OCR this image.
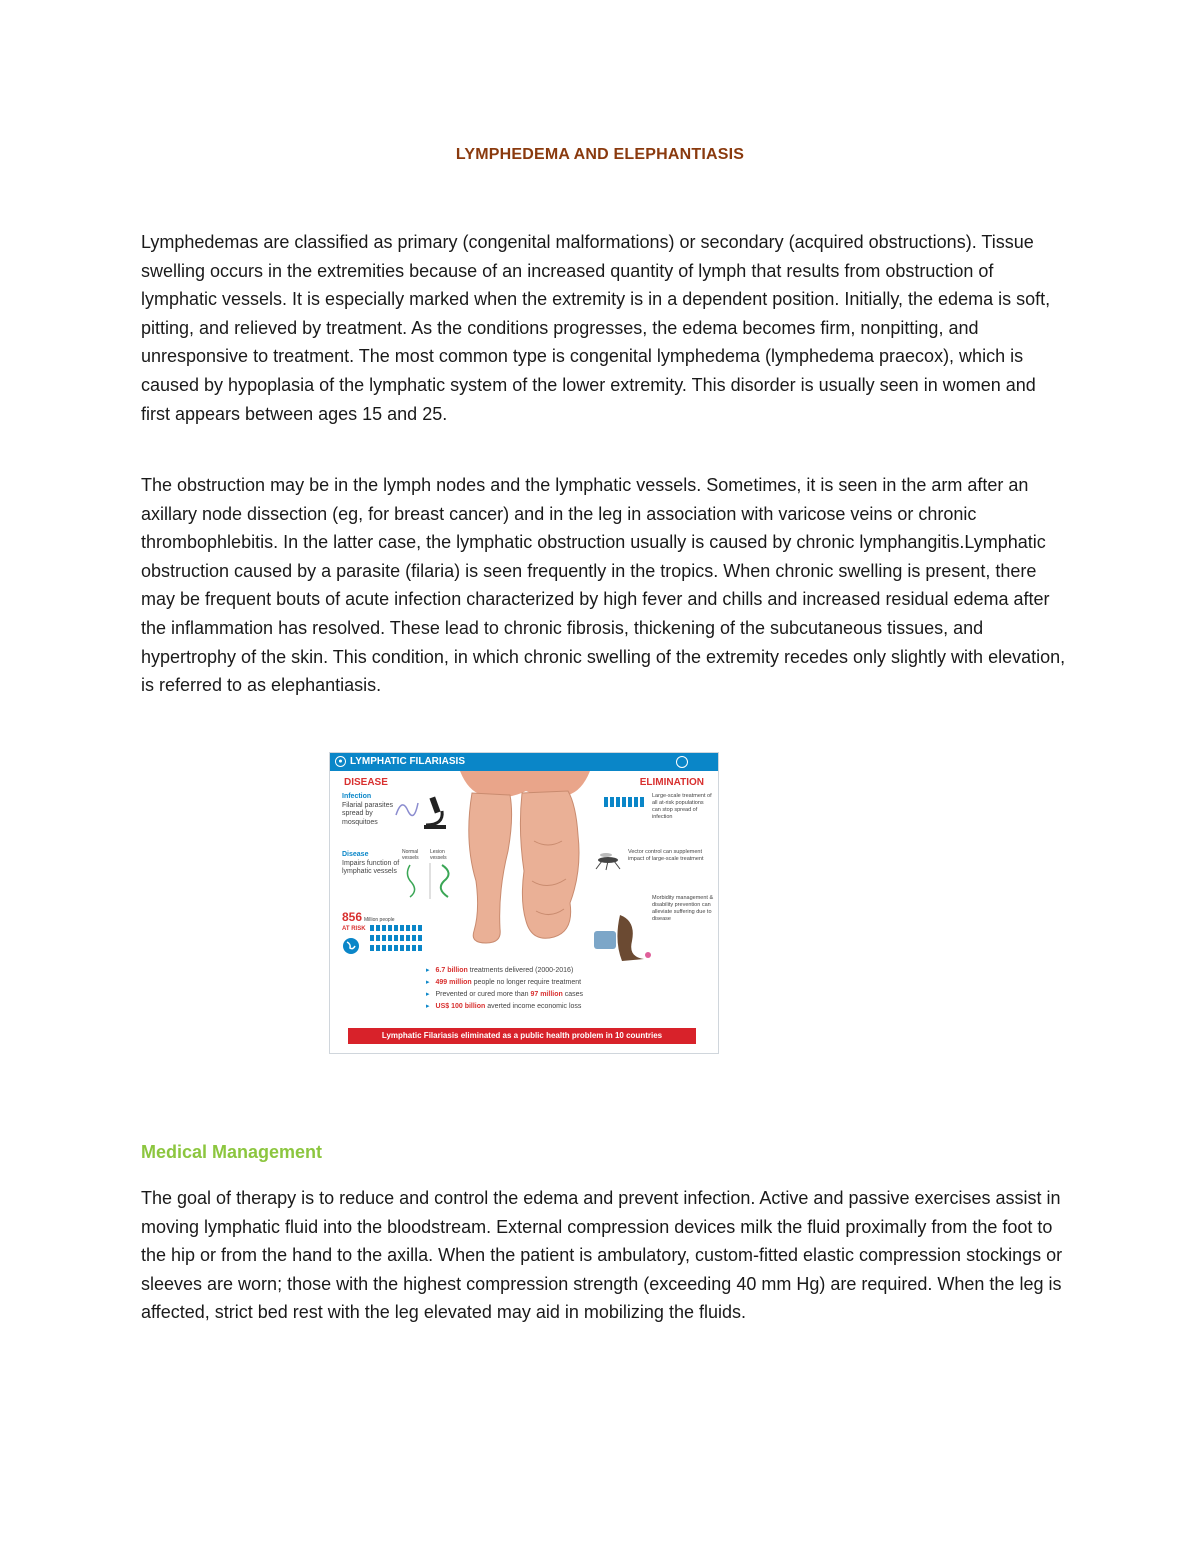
LYMPHEDEMA AND ELEPHANTIASIS

Lymphedemas are classified as primary (congenital malformations) or secondary (acquired obstructions). Tissue swelling occurs in the extremities because of an increased quantity of lymph that results from obstruction of lymphatic vessels. It is especially marked when the extremity is in a dependent position. Initially, the edema is soft, pitting, and relieved by treatment. As the conditions progresses, the edema becomes firm, nonpitting, and unresponsive to treatment. The most common type is congenital lymphedema (lymphedema praecox), which is caused by hypoplasia of the lymphatic system of the lower extremity. This disorder is usually seen in women and first appears between ages 15 and 25.

The obstruction may be in the lymph nodes and the lymphatic vessels. Sometimes, it is seen in the arm after an axillary node dissection (eg, for breast cancer) and in the leg in association with varicose veins or chronic thrombophlebitis. In the latter case, the lymphatic obstruction usually is caused by chronic lymphangitis.Lymphatic obstruction caused by a parasite (filaria) is seen frequently in the tropics. When chronic swelling is present, there may be frequent bouts of acute infection characterized by high fever and chills and increased residual edema after the inflammation has resolved. These lead to chronic fibrosis, thickening of the subcutaneous tissues, and hypertrophy of the skin. This condition, in which chronic swelling of the extremity recedes only slightly with elevation, is referred to as elephantiasis.

● LYMPHATIC FILARIASIS
DISEASE	ELIMINATION
Infection
Filarial parasites spread by mosquitoes
Disease
Impairs function of lymphatic vessels
Normal vessels
Lesion vessels
856 Million people
AT RISK
Large-scale treatment of all at-risk populations can stop spread of infection
Vector control can supplement impact of large-scale treatment
Morbidity management & disability prevention can alleviate suffering due to disease
▸ 6.7 billion treatments delivered (2000-2016)
▸ 499 million people no longer require treatment
▸ Prevented or cured more than 97 million cases
▸ US$ 100 billion averted income economic loss
Lymphatic Filariasis eliminated as a public health problem in 10 countries
Medical Management

The goal of therapy is to reduce and control the edema and prevent infection. Active and passive exercises assist in moving lymphatic fluid into the bloodstream. External compression devices milk the fluid proximally from the foot to the hip or from the hand to the axilla. When the patient is ambulatory, custom-fitted elastic compression stockings or sleeves are worn; those with the highest compression strength (exceeding 40 mm Hg) are required. When the leg is affected, strict bed rest with the leg elevated may aid in mobilizing the fluids.
